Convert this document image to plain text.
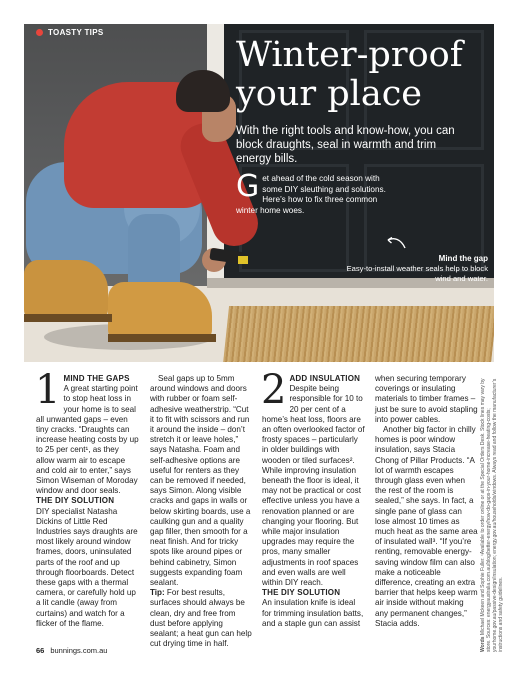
TOASTY TIPS
Winter-proof your place

With the right tools and know-how, you can block draughts, seal in warmth and trim energy bills.

Get ahead of the cold season with some DIY sleuthing and solutions. Here’s how to fix three common winter home woes.

Mind the gap
Easy-to-install weather seals help to block wind and water.
1 MIND THE GAPS

A great starting point to stop heat loss in your home is to seal all unwanted gaps – even tiny cracks. “Draughts can increase heating costs by up to 25 per cent¹, as they allow warm air to escape and cold air to enter,” says Simon Wiseman of Moroday window and door seals.

THE DIY SOLUTION

DIY specialist Natasha Dickins of Little Red Industries says draughts are most likely around window frames, doors, uninsulated parts of the roof and up through floorboards. Detect these gaps with a thermal camera, or carefully hold up a lit candle (away from curtains) and watch for a flicker of the flame.

Seal gaps up to 5mm around windows and doors with rubber or foam self-adhesive weatherstrip. “Cut it to fit with scissors and run it around the inside – don’t stretch it or leave holes,” says Natasha. Foam and self-adhesive options are useful for renters as they can be removed if needed, says Simon. Along visible cracks and gaps in walls or below skirting boards, use a caulking gun and a quality gap filler, then smooth for a neat finish. And for tricky spots like around pipes or behind cabinetry, Simon suggests expanding foam sealant.

Tip: For best results, surfaces should always be clean, dry and free from dust before applying sealant; a heat gun can help cut drying time in half.

2 ADD INSULATION

Despite being responsible for 10 to 20 per cent of a home’s heat loss, floors are an often overlooked factor of frosty spaces – particularly in older buildings with wooden or tiled surfaces². While improving insulation beneath the floor is ideal, it may not be practical or cost effective unless you have a renovation planned or are changing your flooring. But while major insulation upgrades may require the pros, many smaller adjustments in roof spaces and even walls are well within DIY reach.

THE DIY SOLUTION

An insulation knife is ideal for trimming insulation batts, and a staple gun can assist

when securing temporary coverings or insulating materials to timber frames – just be sure to avoid stapling into power cables.

Another big factor in chilly homes is poor window insulation, says Stacia Chong of Pillar Products. “A lot of warmth escapes through glass even when the rest of the room is sealed,” she says. In fact, a single pane of glass can lose almost 10 times as much heat as the same area of insulated wall³. “If you’re renting, removable energy-saving window film can also make a noticeable difference, creating an extra barrier that helps keep warm air inside without making any permanent changes,” Stacia adds.

Words Michael Mckeen and Sophie Fuller. ¹Available to order online or at the Special Orders Desk. Stock lines may vary by store. Sources: energyaustralia.com.au/blog/better-energy/how-do-gaps-in-your-home-increase-heating-costs; yourhome.gov.au/passive-design/insulation; energy.gov.au/households/windows. Always read and follow the manufacturer’s instructions and safety guidelines.
66 bunnings.com.au
